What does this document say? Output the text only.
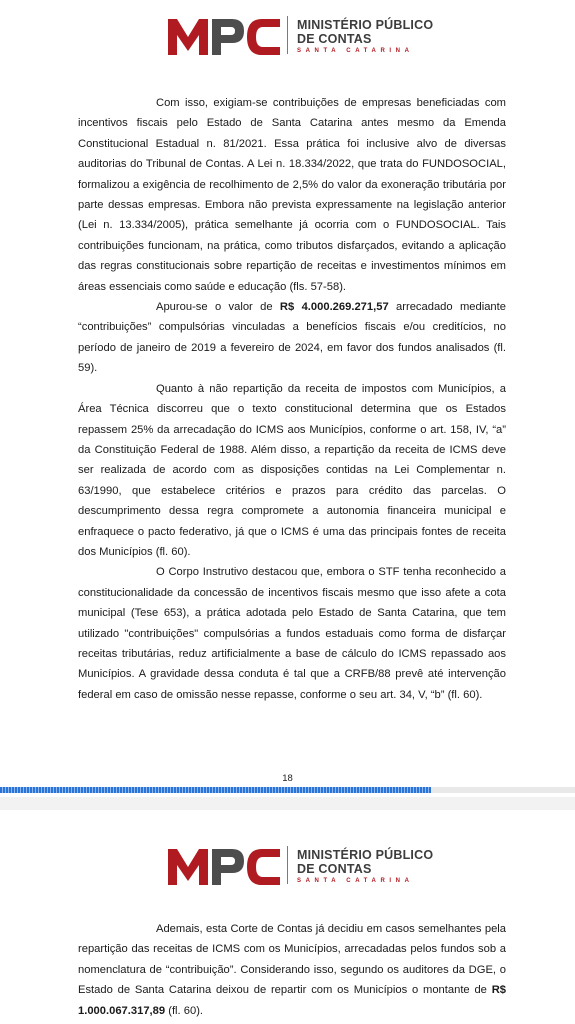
MINISTÉRIO PÚBLICO
DE CONTAS
SANTA CATARINA

Com isso, exigiam-se contribuições de empresas beneficiadas com incentivos fiscais pelo Estado de Santa Catarina antes mesmo da Emenda Constitucional Estadual n. 81/2021. Essa prática foi inclusive alvo de diversas auditorias do Tribunal de Contas. A Lei n. 18.334/2022, que trata do FUNDOSOCIAL, formalizou a exigência de recolhimento de 2,5% do valor da exoneração tributária por parte dessas empresas. Embora não prevista expressamente na legislação anterior (Lei n. 13.334/2005), prática semelhante já ocorria com o FUNDOSOCIAL. Tais contribuições funcionam, na prática, como tributos disfarçados, evitando a aplicação das regras constitucionais sobre repartição de receitas e investimentos mínimos em áreas essenciais como saúde e educação (fls. 57-58).

Apurou-se o valor de R$ 4.000.269.271,57 arrecadado mediante “contribuições” compulsórias vinculadas a benefícios fiscais e/ou creditícios, no período de janeiro de 2019 a fevereiro de 2024, em favor dos fundos analisados (fl. 59).

Quanto à não repartição da receita de impostos com Municípios, a Área Técnica discorreu que o texto constitucional determina que os Estados repassem 25% da arrecadação do ICMS aos Municípios, conforme o art. 158, IV, “a” da Constituição Federal de 1988. Além disso, a repartição da receita de ICMS deve ser realizada de acordo com as disposições contidas na Lei Complementar n. 63/1990, que estabelece critérios e prazos para crédito das parcelas. O descumprimento dessa regra compromete a autonomia financeira municipal e enfraquece o pacto federativo, já que o ICMS é uma das principais fontes de receita dos Municípios (fl. 60).

O Corpo Instrutivo destacou que, embora o STF tenha reconhecido a constitucionalidade da concessão de incentivos fiscais mesmo que isso afete a cota municipal (Tese 653), a prática adotada pelo Estado de Santa Catarina, que tem utilizado "contribuições" compulsórias a fundos estaduais como forma de disfarçar receitas tributárias, reduz artificialmente a base de cálculo do ICMS repassado aos Municípios. A gravidade dessa conduta é tal que a CRFB/88 prevê até intervenção federal em caso de omissão nesse repasse, conforme o seu art. 34, V, “b” (fl. 60).

18
MINISTÉRIO PÚBLICO
DE CONTAS
SANTA CATARINA

Ademais, esta Corte de Contas já decidiu em casos semelhantes pela repartição das receitas de ICMS com os Municípios, arrecadadas pelos fundos sob a nomenclatura de “contribuição”. Considerando isso, segundo os auditores da DGE, o Estado de Santa Catarina deixou de repartir com os Municípios o montante de R$ 1.000.067.317,89 (fl. 60).
